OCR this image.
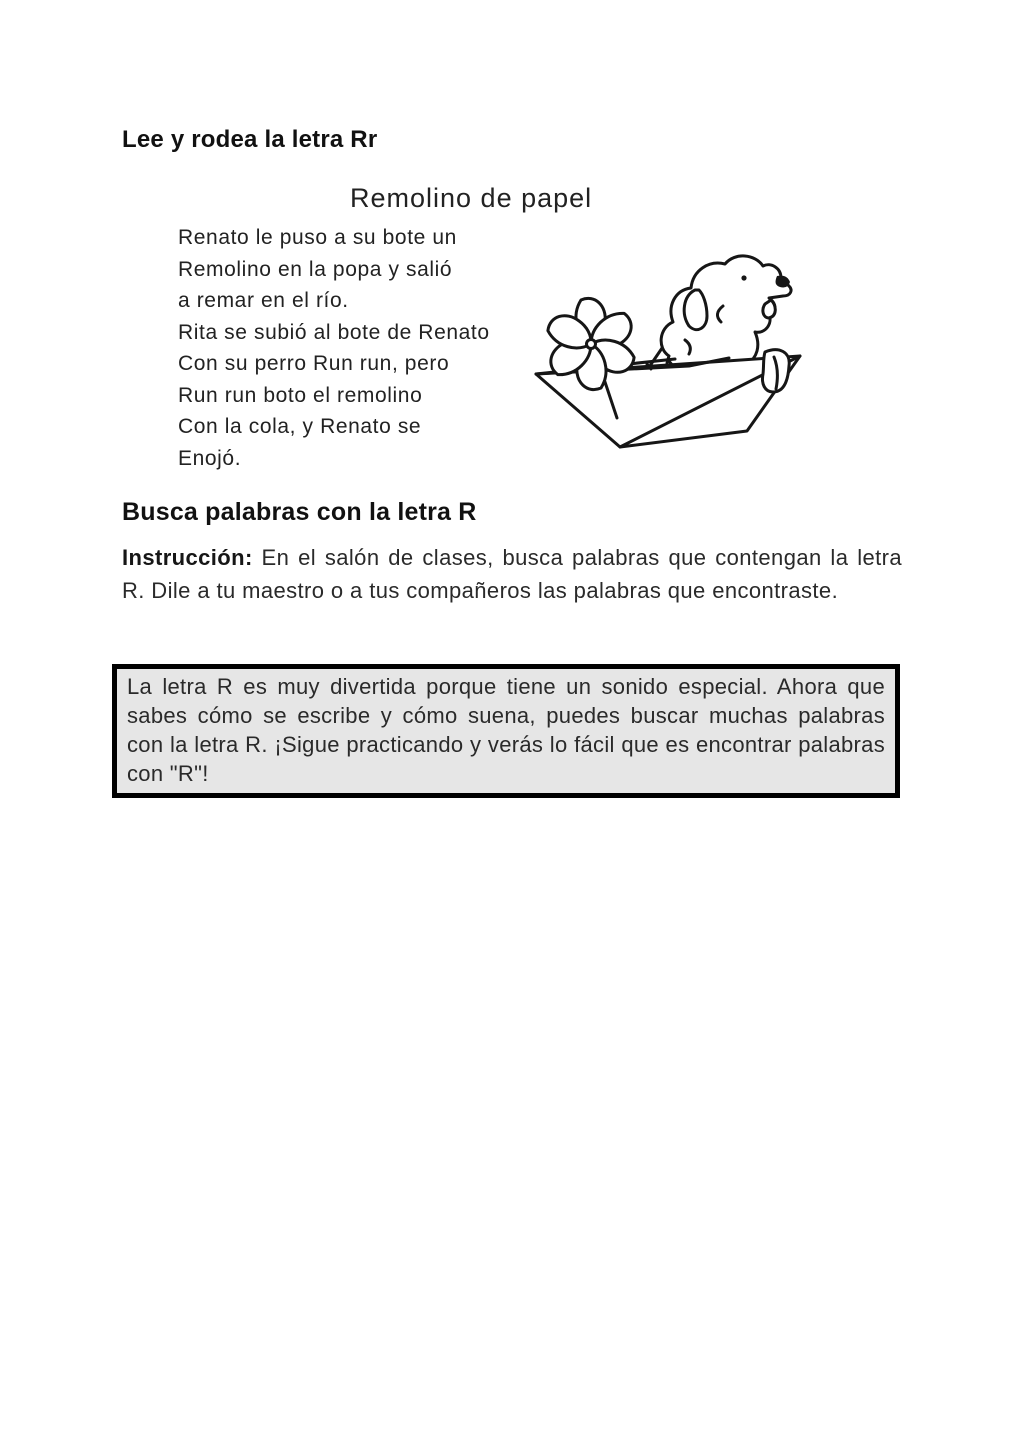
Lee y rodea la letra Rr
Remolino de papel
Renato le puso a su bote un
Remolino en la popa y salió
a remar en el río.
Rita se subió al bote de Renato
Con su perro Run run, pero
Run run boto el remolino
Con la cola, y Renato se
Enojó.
Busca palabras con la letra R

Instrucción: En el salón de clases, busca palabras que contengan la letra R. Dile a tu maestro o a tus compañeros las palabras que encontraste.

La letra R es muy divertida porque tiene un sonido especial. Ahora que sabes cómo se escribe y cómo suena, puedes buscar muchas palabras con la letra R. ¡Sigue practicando y verás lo fácil que es encontrar palabras con "R"!
